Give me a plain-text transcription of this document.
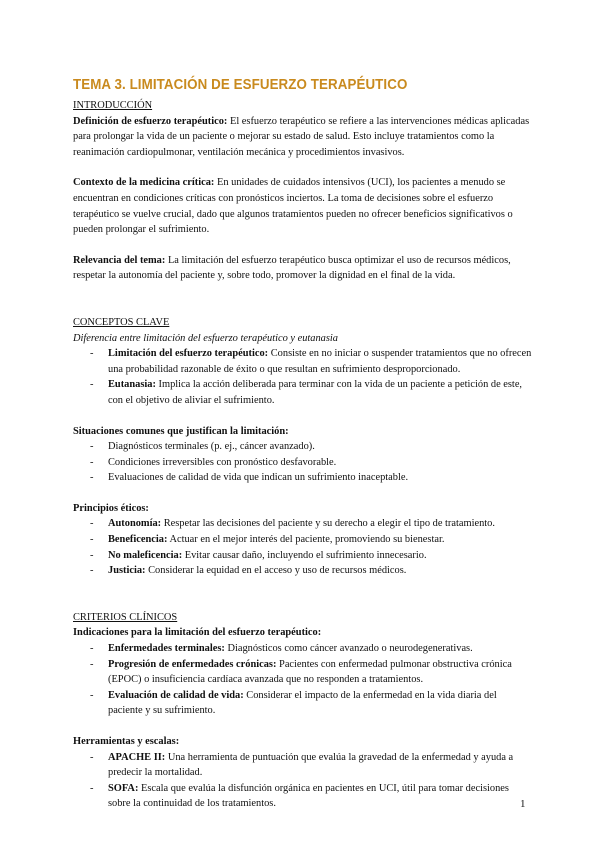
TEMA 3. LIMITACIÓN DE ESFUERZO TERAPÉUTICO

INTRODUCCIÓN

Definición de esfuerzo terapéutico: El esfuerzo terapéutico se refiere a las intervenciones médicas aplicadas para prolongar la vida de un paciente o mejorar su estado de salud. Esto incluye tratamientos como la reanimación cardiopulmonar, ventilación mecánica y procedimientos invasivos.

Contexto de la medicina crítica: En unidades de cuidados intensivos (UCI), los pacientes a menudo se encuentran en condiciones críticas con pronósticos inciertos. La toma de decisiones sobre el esfuerzo terapéutico se vuelve crucial, dado que algunos tratamientos pueden no ofrecer beneficios significativos o pueden prolongar el sufrimiento.

Relevancia del tema: La limitación del esfuerzo terapéutico busca optimizar el uso de recursos médicos, respetar la autonomía del paciente y, sobre todo, promover la dignidad en el final de la vida.

CONCEPTOS CLAVE

Diferencia entre limitación del esfuerzo terapéutico y eutanasia

- Limitación del esfuerzo terapéutico: Consiste en no iniciar o suspender tratamientos que no ofrecen una probabilidad razonable de éxito o que resultan en sufrimiento desproporcionado.
- Eutanasia: Implica la acción deliberada para terminar con la vida de un paciente a petición de este, con el objetivo de aliviar el sufrimiento.

Situaciones comunes que justifican la limitación:

- Diagnósticos terminales (p. ej., cáncer avanzado).
- Condiciones irreversibles con pronóstico desfavorable.
- Evaluaciones de calidad de vida que indican un sufrimiento inaceptable.

Principios éticos:

- Autonomía: Respetar las decisiones del paciente y su derecho a elegir el tipo de tratamiento.
- Beneficencia: Actuar en el mejor interés del paciente, promoviendo su bienestar.
- No maleficencia: Evitar causar daño, incluyendo el sufrimiento innecesario.
- Justicia: Considerar la equidad en el acceso y uso de recursos médicos.

CRITERIOS CLÍNICOS

Indicaciones para la limitación del esfuerzo terapéutico:

- Enfermedades terminales: Diagnósticos como cáncer avanzado o neurodegenerativas.
- Progresión de enfermedades crónicas: Pacientes con enfermedad pulmonar obstructiva crónica (EPOC) o insuficiencia cardíaca avanzada que no responden a tratamientos.
- Evaluación de calidad de vida: Considerar el impacto de la enfermedad en la vida diaria del paciente y su sufrimiento.

Herramientas y escalas:

- APACHE II: Una herramienta de puntuación que evalúa la gravedad de la enfermedad y ayuda a predecir la mortalidad.
- SOFA: Escala que evalúa la disfunción orgánica en pacientes en UCI, útil para tomar decisiones sobre la continuidad de los tratamientos.	1
